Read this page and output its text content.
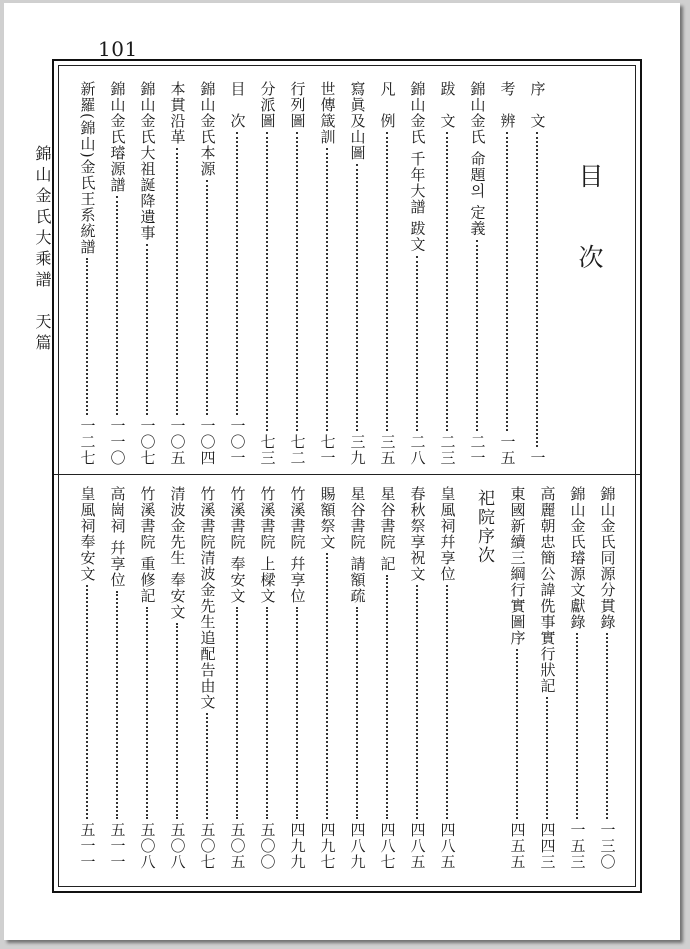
101
錦山金氏大乘譜　天篇	目 次
祀院序次
序　文
一
考　辨
一五
錦山金氏 命題의 定義
二一
跋　文
二三
錦山金氏 千年大譜 跋文
二八
凡　例
三五
寫眞及山圖
三九
世傳箴訓
七一
行列圖
七二
分派圖
七三
目　次
一〇一
錦山金氏本源
一〇四
本貫沿革
一〇五
錦山金氏大祖誕降遺事
一〇七
錦山金氏璿源譜
一一〇
新羅(錦山)金氏王系統譜
一二七
錦山金氏同源分貫錄
一三〇
錦山金氏璿源文獻錄
一五三
高麗朝忠簡公諱侁事實行狀記
四四三
東國新續三綱行實圖序
四五五
皇風祠幷享位
四八五
春秋祭享祝文
四八五
星谷書院 記
四八七
星谷書院 請額疏
四八九
賜額祭文
四九七
竹溪書院 幷享位
四九九
竹溪書院 上樑文
五〇〇
竹溪書院 奉安文
五〇五
竹溪書院清波金先生追配告由文
五〇七
清波金先生 奉安文
五〇八
竹溪書院 重修記
五〇八
高崗祠 幷享位
五一一
皇風祠奉安文
五一一
